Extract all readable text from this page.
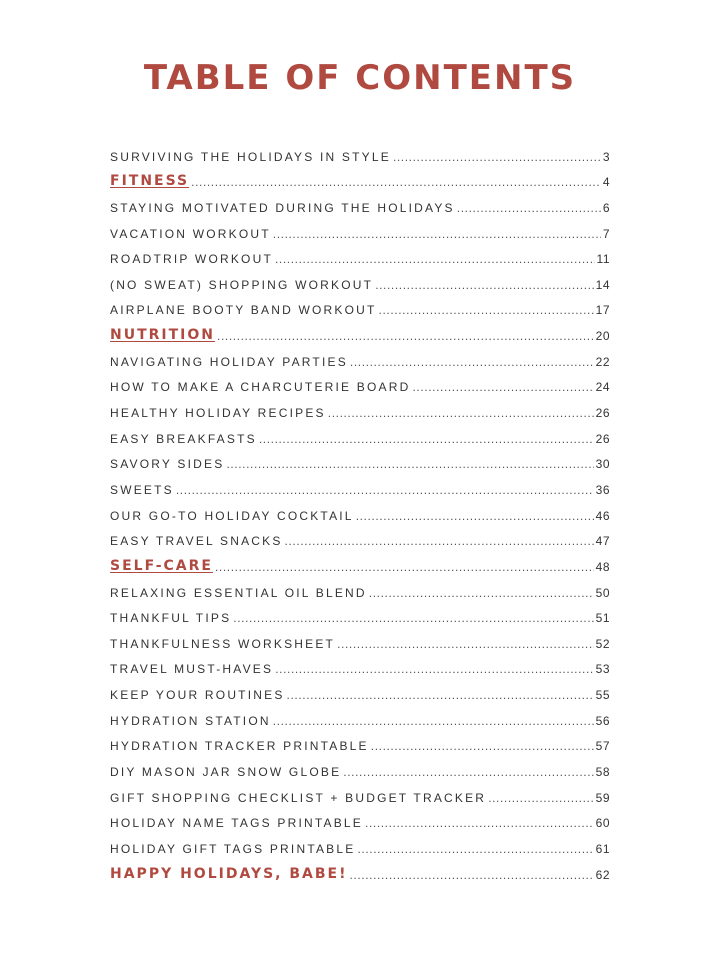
TABLE OF CONTENTS
SURVIVING THE HOLIDAYS IN STYLE .....	3
FITNESS .....	4
STAYING MOTIVATED DURING THE HOLIDAYS .....	6
VACATION WORKOUT .....	7
ROADTRIP WORKOUT .....	11
(NO SWEAT) SHOPPING WORKOUT .....	14
AIRPLANE BOOTY BAND WORKOUT .....	17
NUTRITION .....	20
NAVIGATING HOLIDAY PARTIES .....	22
HOW TO MAKE A CHARCUTERIE BOARD .....	24
HEALTHY HOLIDAY RECIPES .....	26
EASY BREAKFASTS .....	26
SAVORY SIDES .....	30
SWEETS .....	36
OUR GO-TO HOLIDAY COCKTAIL .....	46
EASY TRAVEL SNACKS .....	47
SELF-CARE .....	48
RELAXING ESSENTIAL OIL BLEND .....	50
THANKFUL TIPS .....	51
THANKFULNESS WORKSHEET .....	52
TRAVEL MUST-HAVES .....	53
KEEP YOUR ROUTINES .....	55
HYDRATION STATION .....	56
HYDRATION TRACKER PRINTABLE .....	57
DIY MASON JAR SNOW GLOBE .....	58
GIFT SHOPPING CHECKLIST + BUDGET TRACKER .....	59
HOLIDAY NAME TAGS PRINTABLE .....	60
HOLIDAY GIFT TAGS PRINTABLE .....	61
HAPPY HOLIDAYS, BABE! .....	62
